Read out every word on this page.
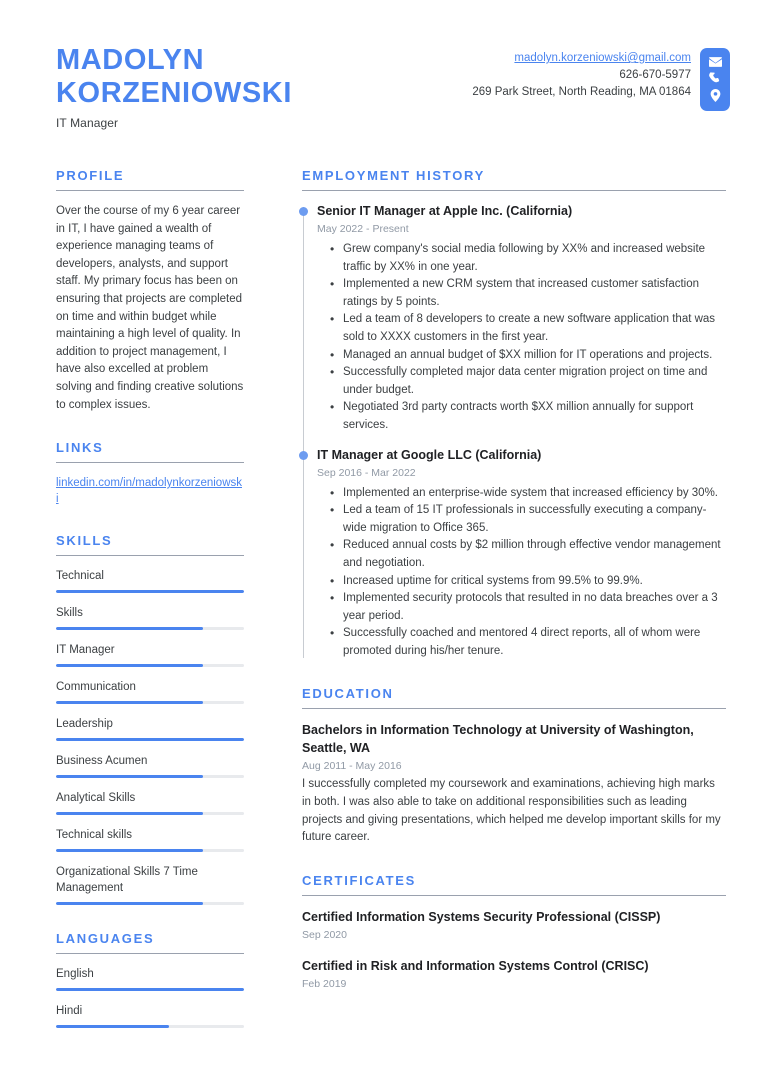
MADOLYN
KORZENIOWSKI
IT Manager
madolyn.korzeniowski@gmail.com
626-670-5977
269 Park Street, North Reading, MA 01864
PROFILE

Over the course of my 6 year career in IT, I have gained a wealth of experience managing teams of developers, analysts, and support staff. My primary focus has been on ensuring that projects are completed on time and within budget while maintaining a high level of quality. In addition to project management, I have also excelled at problem solving and finding creative solutions to complex issues.

LINKS
linkedin.com/in/madolynkorzeniowski
SKILLS
Technical
Skills
IT Manager
Communication
Leadership
Business Acumen
Analytical Skills
Technical skills
Organizational Skills 7 Time Management
LANGUAGES
English
Hindi
EMPLOYMENT HISTORY
Senior IT Manager at Apple Inc. (California)
May 2022 - Present
• Grew company's social media following by XX% and increased website traffic by XX% in one year.
• Implemented a new CRM system that increased customer satisfaction ratings by 5 points.
• Led a team of 8 developers to create a new software application that was sold to XXXX customers in the first year.
• Managed an annual budget of $XX million for IT operations and projects.
• Successfully completed major data center migration project on time and under budget.
• Negotiated 3rd party contracts worth $XX million annually for support services.
IT Manager at Google LLC (California)
Sep 2016 - Mar 2022
• Implemented an enterprise-wide system that increased efficiency by 30%.
• Led a team of 15 IT professionals in successfully executing a company-wide migration to Office 365.
• Reduced annual costs by $2 million through effective vendor management and negotiation.
• Increased uptime for critical systems from 99.5% to 99.9%.
• Implemented security protocols that resulted in no data breaches over a 3 year period.
• Successfully coached and mentored 4 direct reports, all of whom were promoted during his/her tenure.
EDUCATION
Bachelors in Information Technology at University of Washington, Seattle, WA
Aug 2011 - May 2016
I successfully completed my coursework and examinations, achieving high marks in both. I was also able to take on additional responsibilities such as leading projects and giving presentations, which helped me develop important skills for my future career.
CERTIFICATES
Certified Information Systems Security Professional (CISSP)
Sep 2020
Certified in Risk and Information Systems Control (CRISC)
Feb 2019
